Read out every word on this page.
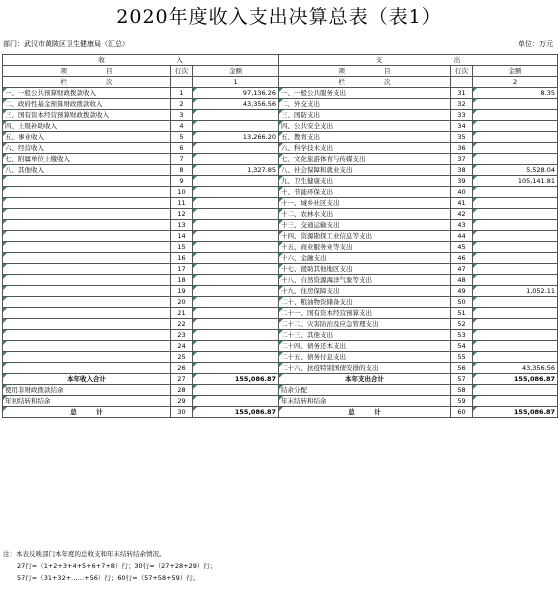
2020年度收入支出决算总表（表1）
部门：武汉市黄陂区卫生健康局（汇总）	单位：万元
收　　　　　　　　　　　入			支　　　　　　　　　　　出		
项　　　　　　目	行次	金额	项　　　　　　目	行次	金额
栏　　　　　　次		1	栏　　　　　　次		2
一、一般公共预算财政拨款收入	1	97,136.26	一、一般公共服务支出	31	8.35
二、政府性基金预算财政拨款收入	2	43,356.56	二、外交支出	32	
三、国有资本经营预算财政拨款收入	3		三、国防支出	33	
四、上级补助收入	4		四、公共安全支出	34	
五、事业收入	5	13,266.20	五、教育支出	35	
六、经营收入	6		六、科学技术支出	36	
七、附属单位上缴收入	7		七、文化旅游体育与传媒支出	37	
八、其他收入	8	1,327.85	八、社会保障和就业支出	38	5,528.04
	9		九、卫生健康支出	39	105,141.81
	10		十、节能环保支出	40	
	11		十一、城乡社区支出	41	
	12		十二、农林水支出	42	
	13		十三、交通运输支出	43	
	14		十四、资源勘探工业信息等支出	44	
	15		十五、商业服务业等支出	45	
	16		十六、金融支出	46	
	17		十七、援助其他地区支出	47	
	18		十八、自然资源海洋气象等支出	48	
	19		十九、住房保障支出	49	1,052.11
	20		二十、粮油物资储备支出	50	
	21		二十一、国有资本经营预算支出	51	
	22		二十二、灾害防治及应急管理支出	52	
	23		二十三、其他支出	53	
	24		二十四、债务还本支出	54	
	25		二十五、债务付息支出	55	
	26		二十六、抗疫特别国债安排的支出	56	43,356.56
本年收入合计	27	155,086.87	本年支出合计	57	155,086.87
使用非财政拨款结余	28		结余分配	58	
年初结转和结余	29		年末结转和结余	59	
总　　　计	30	155,086.87	总　　　计	60	155,086.87
注：本表反映部门本年度的总收支和年末结转结余情况。
27行=（1+2+3+4+5+6+7+8）行；30行=（27+28+29）行；
57行=（31+32+……+56）行；60行=（57+58+59）行。
